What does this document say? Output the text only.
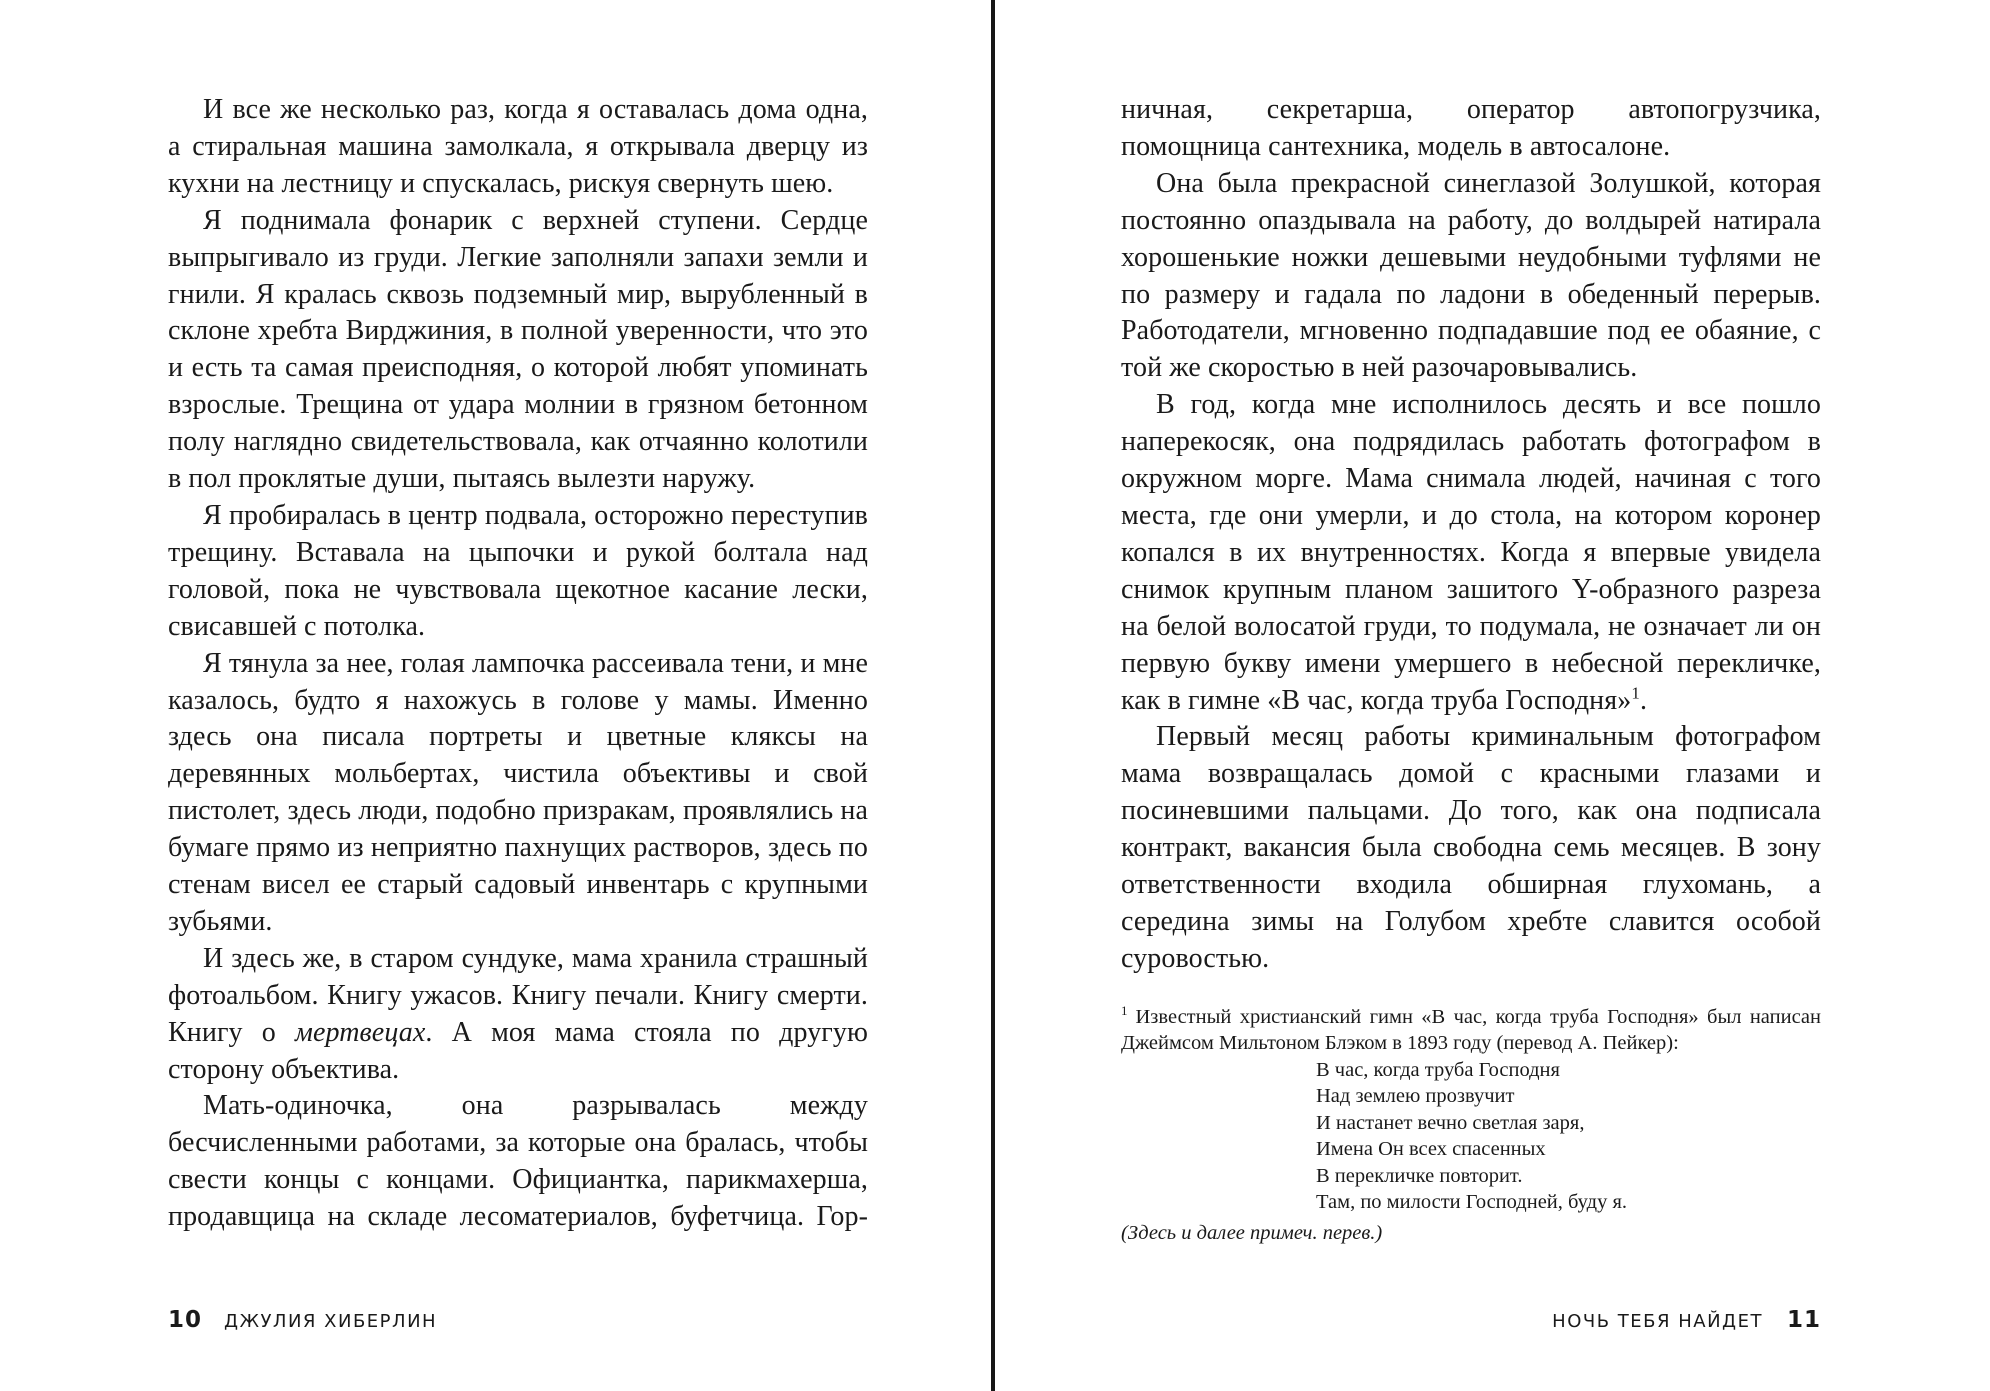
И все же несколько раз, когда я оставалась дома одна, а стиральная машина замолкала, я открывала дверцу из кухни на лестницу и спускалась, рискуя свернуть шею.

Я поднимала фонарик с верхней ступени. Сердце выпрыгивало из груди. Легкие заполняли запахи земли и гнили. Я кралась сквозь подземный мир, вырубленный в склоне хребта Вирджиния, в полной уверенности, что это и есть та самая преисподняя, о которой любят упоминать взрослые. Трещина от удара молнии в грязном бетонном полу наглядно свидетельствовала, как отчаянно колотили в пол проклятые души, пытаясь вылезти наружу.

Я пробиралась в центр подвала, осторожно переступив трещину. Вставала на цыпочки и рукой болтала над головой, пока не чувствовала щекотное касание лески, свисавшей с потолка.

Я тянула за нее, голая лампочка рассеивала тени, и мне казалось, будто я нахожусь в голове у мамы. Именно здесь она писала портреты и цветные кляксы на деревянных мольбертах, чистила объективы и свой пистолет, здесь люди, подобно призракам, проявлялись на бумаге прямо из неприятно пахнущих растворов, здесь по стенам висел ее старый садовый инвентарь с крупными зубьями.

И здесь же, в старом сундуке, мама хранила страшный фотоальбом. Книгу ужасов. Книгу печали. Книгу смерти. Книгу о мертвецах. А моя мама стояла по другую сторону объектива.

Мать-одиночка, она разрывалась между бесчисленными работами, за которые она бралась, чтобы свести концы с концами. Официантка, парикмахерша, продавщица на складе лесоматериалов, буфетчица. Гор-

10 ДЖУЛИЯ ХИБЕРЛИН

ничная, секретарша, оператор автопогрузчика, помощница сантехника, модель в автосалоне.

Она была прекрасной синеглазой Золушкой, которая постоянно опаздывала на работу, до волдырей натирала хорошенькие ножки дешевыми неудобными туфлями не по размеру и гадала по ладони в обеденный перерыв. Работодатели, мгновенно подпадавшие под ее обаяние, с той же скоростью в ней разочаровывались.

В год, когда мне исполнилось десять и все пошло наперекосяк, она подрядилась работать фотографом в окружном морге. Мама снимала людей, начиная с того места, где они умерли, и до стола, на котором коронер копался в их внутренностях. Когда я впервые увидела снимок крупным планом зашитого Y-образного разреза на белой волосатой груди, то подумала, не означает ли он первую букву имени умершего в небесной перекличке, как в гимне «В час, когда труба Господня»$^1$.

Первый месяц работы криминальным фотографом мама возвращалась домой с красными глазами и посиневшими пальцами. До того, как она подписала контракт, вакансия была свободна семь месяцев. В зону ответственности входила обширная глухомань, а середина зимы на Голубом хребте славится особой суровостью.

$^1$ Известный христианский гимн «В час, когда труба Господня» был написан Джеймсом Мильтоном Блэком в 1893 году (перевод А. Пейкер):

В час, когда труба Господня
Над землею прозвучит
И настанет вечно светлая заря,
Имена Он всех спасенных
В перекличке повторит.
Там, по милости Господней, буду я.

(Здесь и далее примеч. перев.)

НОЧЬ ТЕБЯ НАЙДЕТ 11
